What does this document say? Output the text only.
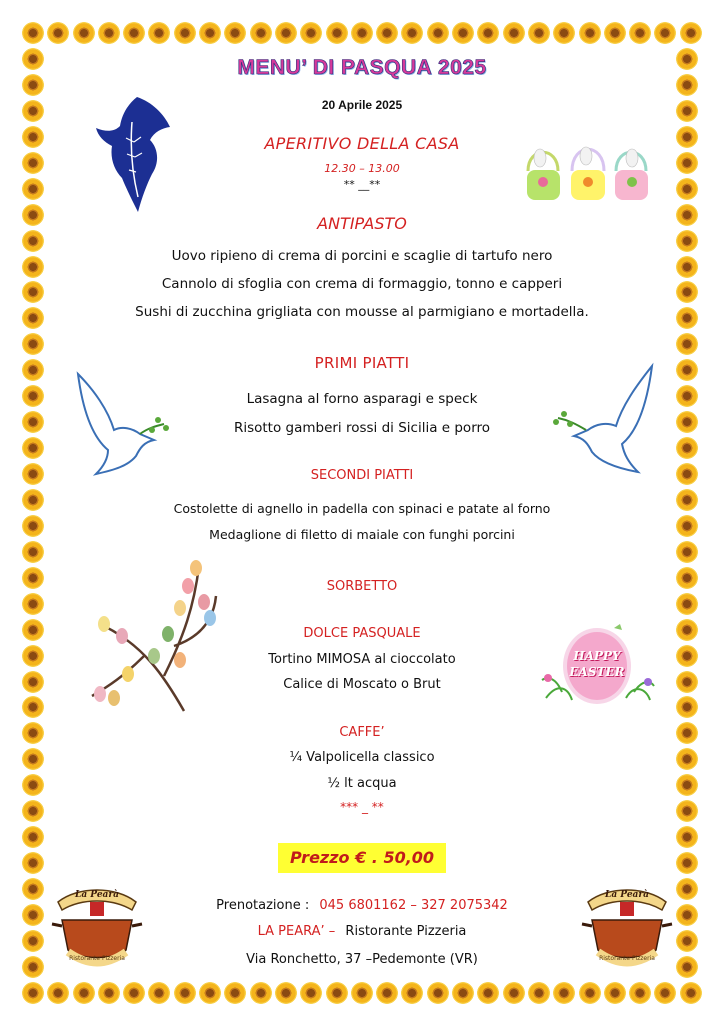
MENU’ DI PASQUA 2025
20 Aprile 2025
APERITIVO DELLA CASA
12.30 – 13.00
** __**
ANTIPASTO
Uovo ripieno di crema di porcini e scaglie di tartufo nero
Cannolo di sfoglia con crema di formaggio, tonno e capperi
Sushi di zucchina grigliata con mousse al parmigiano e mortadella.
PRIMI PIATTI
Lasagna al forno asparagi e speck
Risotto gamberi rossi di Sicilia e porro
SECONDI PIATTI
Costolette di agnello in padella con spinaci e patate al forno
Medaglione di filetto di maiale con funghi porcini
SORBETTO
DOLCE PASQUALE
Tortino MIMOSA al cioccolato
Calice di Moscato o Brut
CAFFE’
¼ Valpolicella classico
½ lt acqua
*** _ **
Prezzo € . 50,00
Prenotazione : 045 6801162 – 327 2075342
LA PEARA’ – Ristorante Pizzeria
Via Ronchetto, 37 –Pedemonte (VR)
HAPPY
EASTER
La Pearà
Ristorante Pizzeria
La Pearà
Ristorante Pizzeria
